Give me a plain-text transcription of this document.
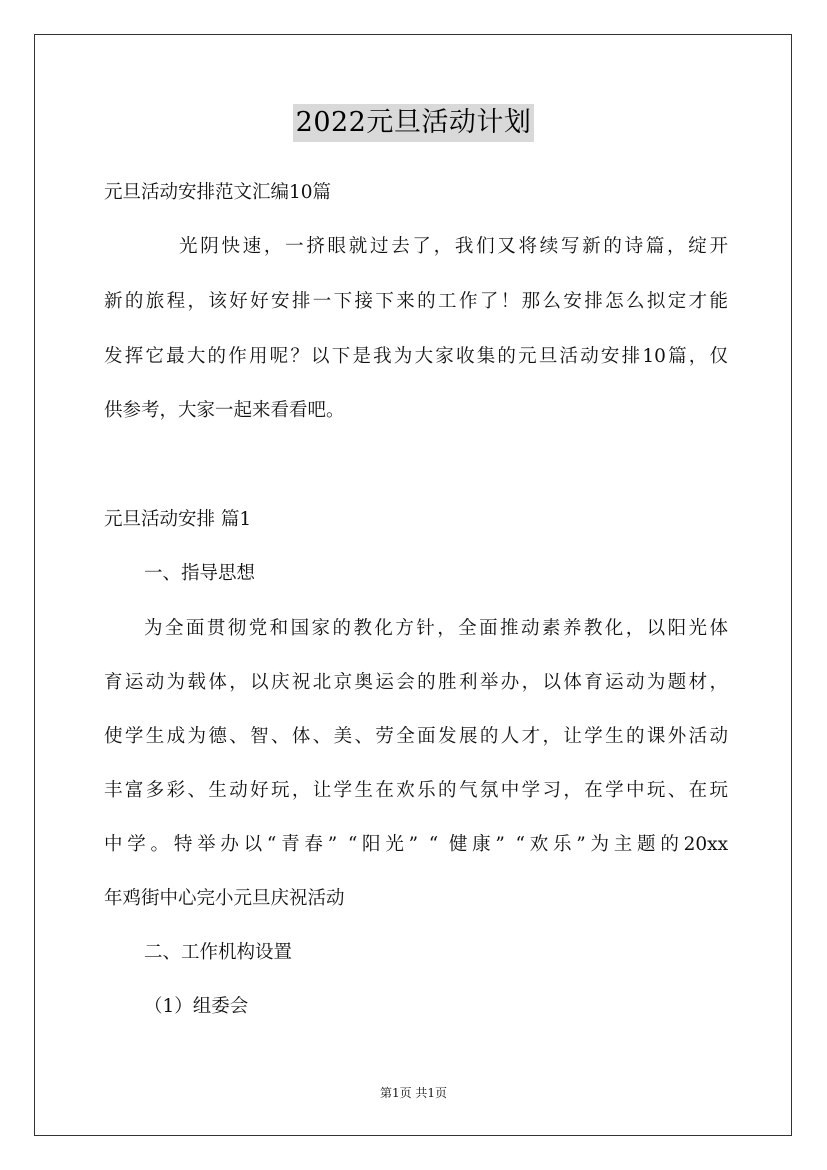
2022元旦活动计划
元旦活动安排范文汇编10篇
光阴快速，一挤眼就过去了，我们又将续写新的诗篇，绽开
新的旅程，该好好安排一下接下来的工作了！那么安排怎么拟定才能
发挥它最大的作用呢？以下是我为大家收集的元旦活动安排10篇，仅
供参考，大家一起来看看吧。
元旦活动安排 篇1
一、指导思想
为全面贯彻党和国家的教化方针，全面推动素养教化，以阳光体
育运动为载体，以庆祝北京奥运会的胜利举办，以体育运动为题材，
使学生成为德、智、体、美、劳全面发展的人才，让学生的课外活动
丰富多彩、生动好玩，让学生在欢乐的气氛中学习，在学中玩、在玩
中学。特举办以“青春” “阳光” “ 健康” “欢乐”为主题的20xx
年鸡街中心完小元旦庆祝活动
二、工作机构设置
（1）组委会
第1页 共1页
